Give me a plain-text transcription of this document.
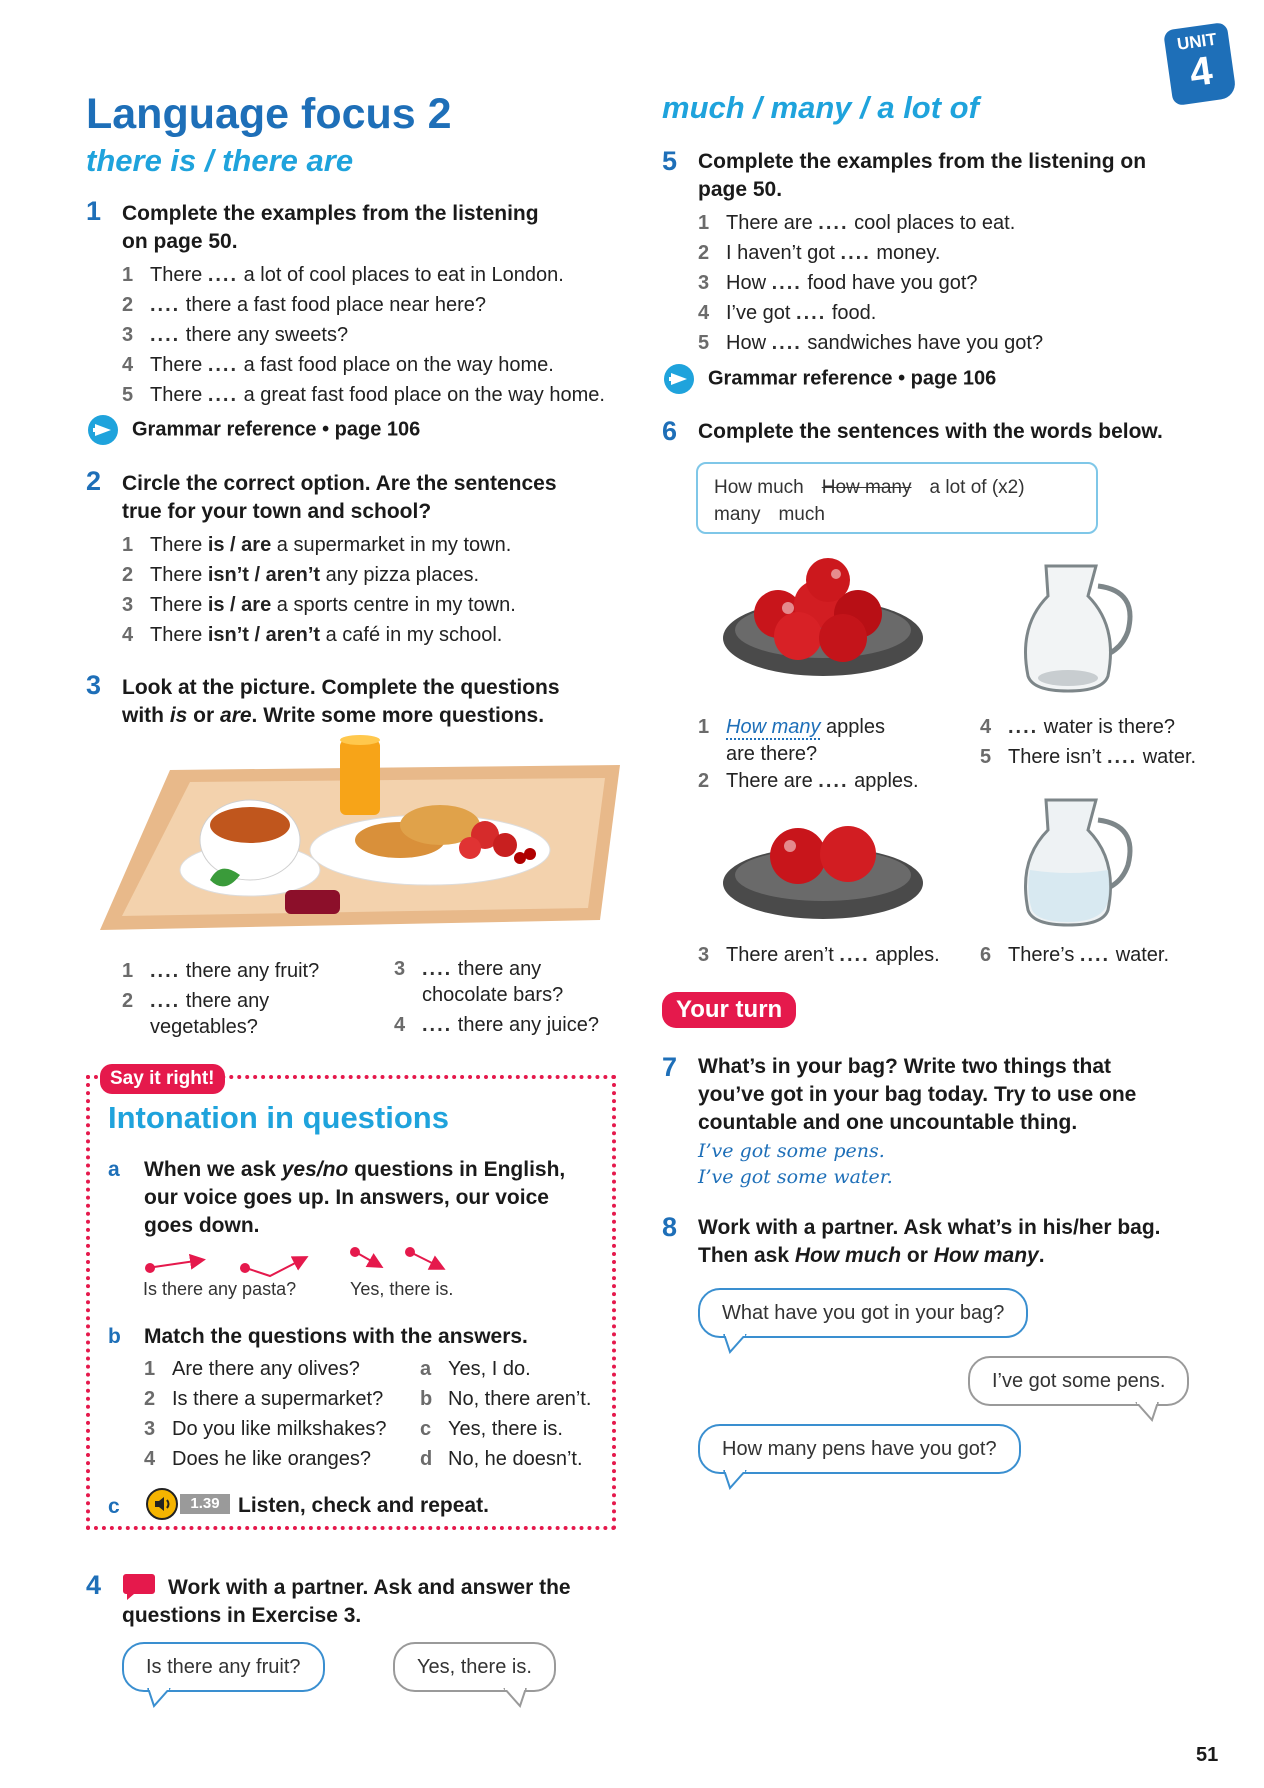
UNIT
4
Language focus 2
there is / there are
1 Complete the examples from the listening
on page 50.
1 There .... a lot of cool places to eat in London.
2 .... there a fast food place near here?
3 .... there any sweets?
4 There .... a fast food place on the way home.
5 There .... a great fast food place on the way home.
Grammar reference • page 106
2 Circle the correct option. Are the sentences
true for your town and school?
1 There is / are a supermarket in my town.
2 There isn’t / aren’t any pizza places.
3 There is / are a sports centre in my town.
4 There isn’t / aren’t a café in my school.
3 Look at the picture. Complete the questions
with is or are. Write some more questions.
1 .... there any fruit?
2 .... there any
vegetables?
3 .... there any
chocolate bars?
4 .... there any juice?
Say it right!
Intonation in questions
a When we ask yes/no questions in English,
our voice goes up. In answers, our voice
goes down.
Is there any pasta?	Yes, there is.
b Match the questions with the answers.
1 Are there any olives?
2 Is there a supermarket?
3 Do you like milkshakes?
4 Does he like oranges?
a Yes, I do.
b No, there aren’t.
c Yes, there is.
d No, he doesn’t.
c	1.39 Listen, check and repeat.
4	Work with a partner. Ask and answer the
questions in Exercise 3.
Is there any fruit?	Yes, there is.
much / many / a lot of
5 Complete the examples from the listening on
page 50.
1 There are .... cool places to eat.
2 I haven’t got .... money.
3 How .... food have you got?
4 I’ve got .... food.
5 How .... sandwiches have you got?
Grammar reference • page 106
6 Complete the sentences with the words below.
How much How many a lot of (x2)
many much
1 How many apples
are there?
2 There are .... apples.
4 .... water is there?
5 There isn’t .... water.
3 There aren’t .... apples. 6 There’s .... water.
Your turn
7 What’s in your bag? Write two things that
you’ve got in your bag today. Try to use one
countable and one uncountable thing.
I’ve got some pens.
I’ve got some water.
8 Work with a partner. Ask what’s in his/her bag.
Then ask How much or How many.
What have you got in your bag?
I’ve got some pens.
How many pens have you got?
51
